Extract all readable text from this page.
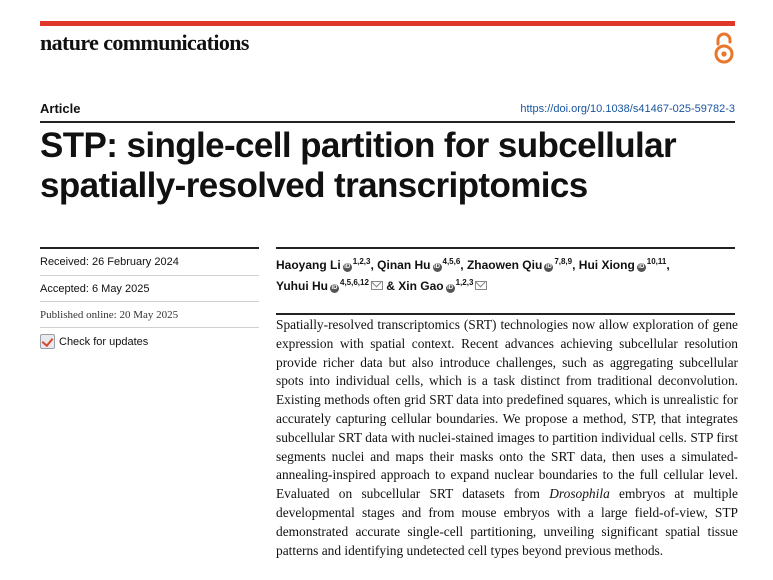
nature communications
Article	https://doi.org/10.1038/s41467-025-59782-3
STP: single-cell partition for subcellular spatially-resolved transcriptomics
Received: 26 February 2024
Accepted: 6 May 2025
Published online: 20 May 2025
Check for updates
Haoyang Li iD$^{1,2,3}$, Qinan Hu iD$^{4,5,6}$, Zhaowen Qiu iD$^{7,8,9}$, Hui Xiong iD$^{10,11}$,
Yuhui Hu iD$^{4,5,6,12}$ & Xin Gao iD$^{1,2,3}$

Spatially-resolved transcriptomics (SRT) technologies now allow exploration of gene expression with spatial context. Recent advances achieving subcellular resolution provide richer data but also introduce challenges, such as aggregating subcellular spots into individual cells, which is a task distinct from traditional deconvolution. Existing methods often grid SRT data into predefined squares, which is unrealistic for accurately capturing cellular boundaries. We propose a method, STP, that integrates subcellular SRT data with nuclei-stained images to partition individual cells. STP first segments nuclei and maps their masks onto the SRT data, then uses a simulated-annealing-inspired approach to expand nuclear boundaries to the full cellular level. Evaluated on subcellular SRT datasets from Drosophila embryos at multiple developmental stages and from mouse embryos with a large field-of-view, STP demonstrated accurate single-cell partitioning, unveiling significant spatial tissue patterns and identifying undetected cell types beyond previous methods.
